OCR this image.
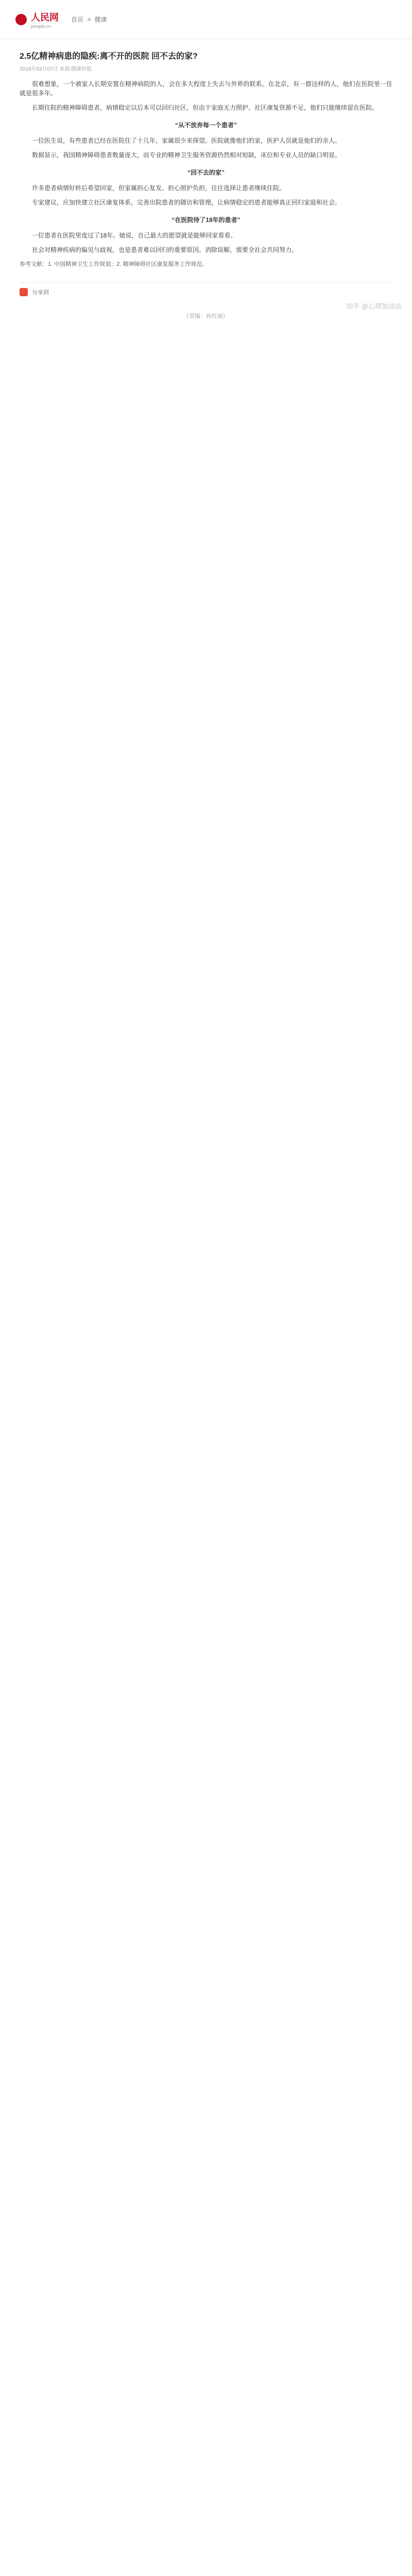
人民网
people.cn
首页 > 健康
2.5亿精神病患的隐疾:离不开的医院 回不去的家?
2019年03月07日 来源:健康时报

很难想象，一个被家人长期安置在精神病院的人，会在多大程度上失去与外界的联系。在北京，有一群这样的人，他们在医院里一住就是很多年。

长期住院的精神障碍患者，病情稳定以后本可以回归社区，但由于家庭无力照护、社区康复资源不足，他们只能继续留在医院。

“从不放弃每一个患者”

一位医生说，有些患者已经在医院住了十几年，家属很少来探望。医院就像他们的家，医护人员就是他们的亲人。

数据显示，我国精神障碍患者数量庞大，而专业的精神卫生服务资源仍然相对短缺，床位和专业人员的缺口明显。

“回不去的家”

许多患者病情好转后希望回家，但家属担心复发、担心照护负担，往往选择让患者继续住院。

专家建议，应加快建立社区康复体系，完善出院患者的随访和管理，让病情稳定的患者能够真正回归家庭和社会。

“在医院待了18年的患者”

一位患者在医院里度过了18年。她说，自己最大的愿望就是能够回家看看。

社会对精神疾病的偏见与歧视，也是患者难以回归的重要原因。消除误解，需要全社会共同努力。

参考文献：1. 中国精神卫生工作规划；2. 精神障碍社区康复服务工作规范。

分享到
（责编：孙红丽）
知乎 @心理加油站
